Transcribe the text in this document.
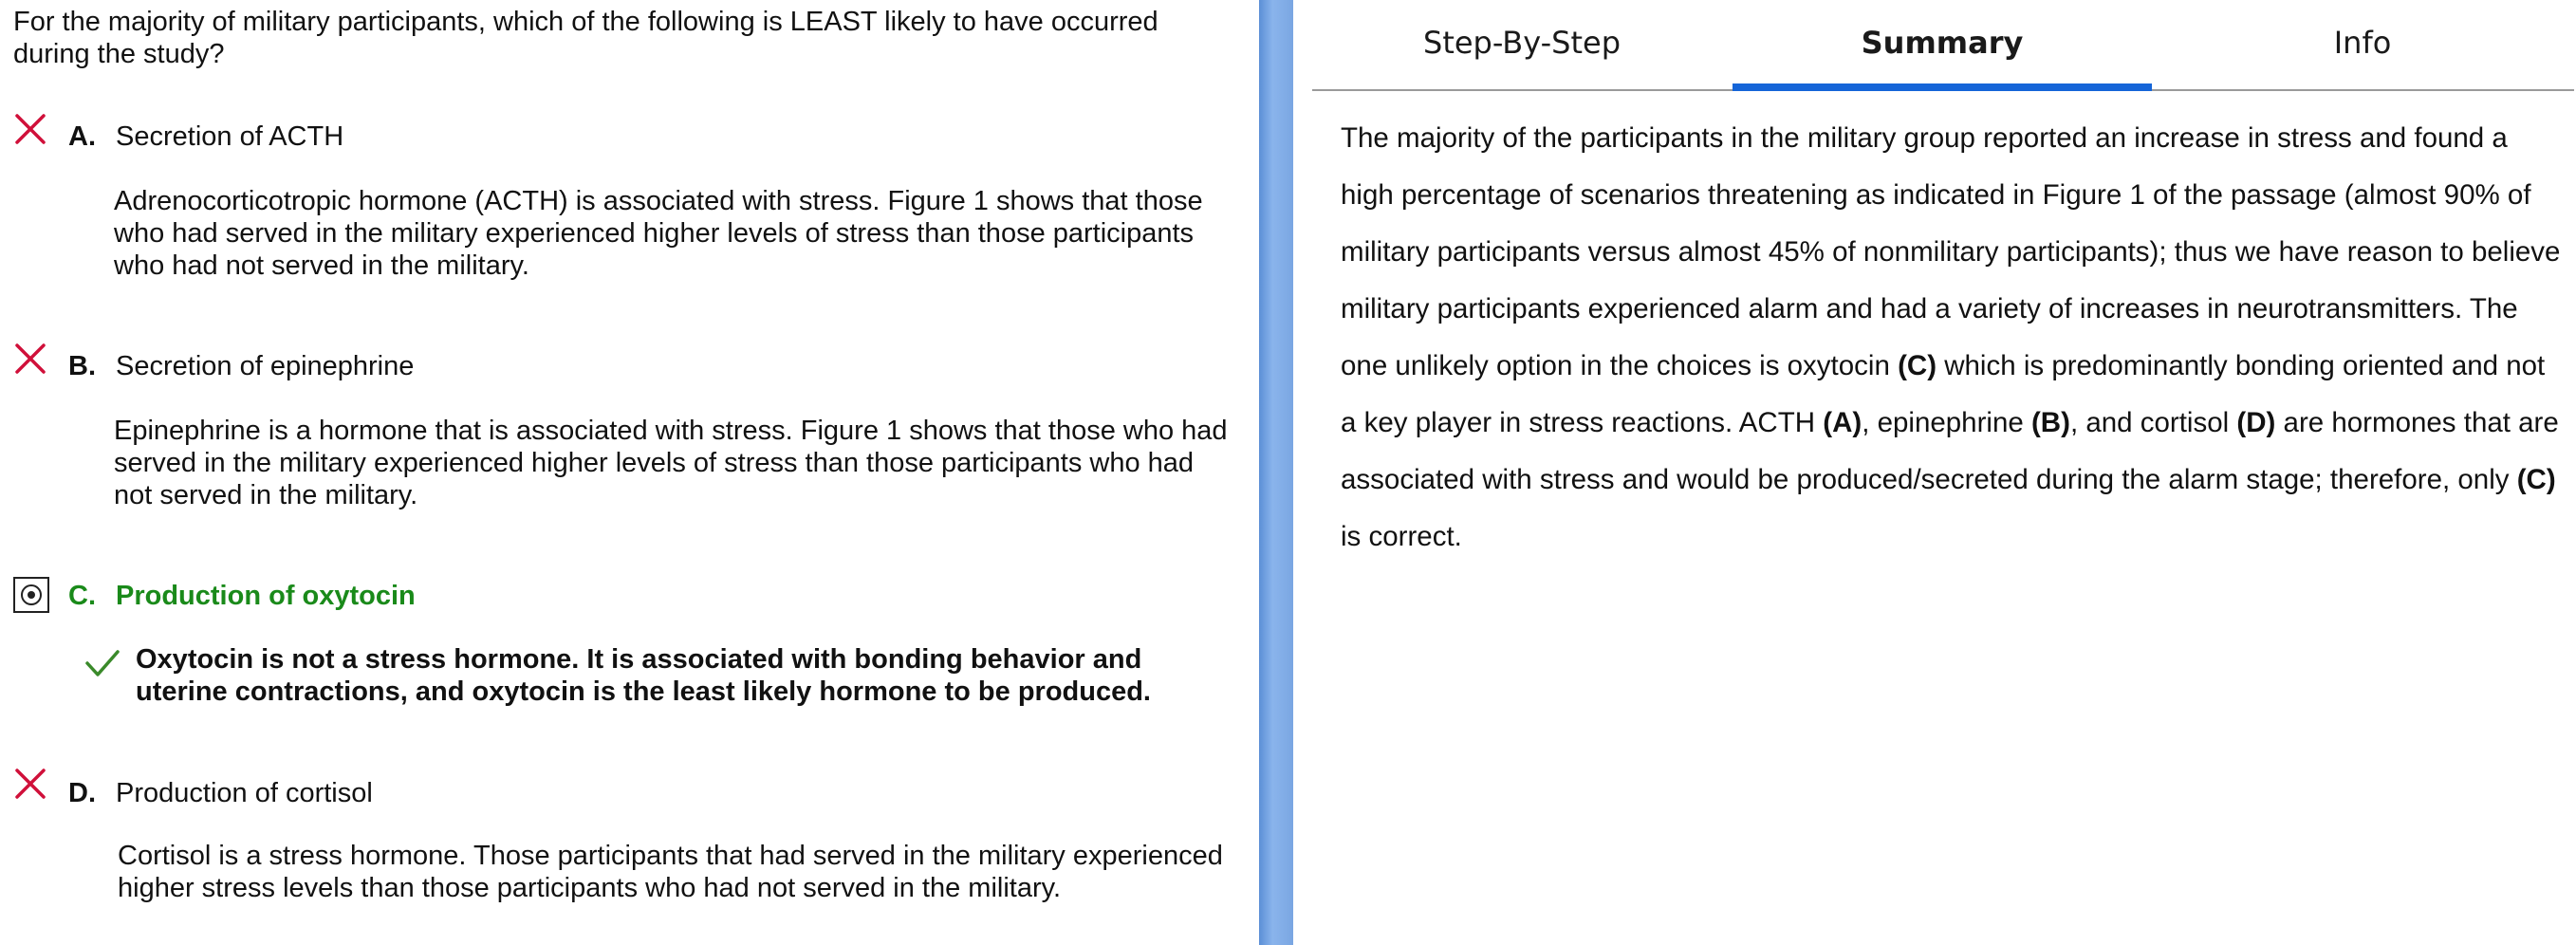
For the majority of military participants, which of the following is LEAST likely to have occurred during the study?
A. Secretion of ACTH
Adrenocorticotropic hormone (ACTH) is associated with stress. Figure 1 shows that those who had served in the military experienced higher levels of stress than those participants who had not served in the military.
B. Secretion of epinephrine
Epinephrine is a hormone that is associated with stress. Figure 1 shows that those who had served in the military experienced higher levels of stress than those participants who had not served in the military.
C. Production of oxytocin
Oxytocin is not a stress hormone. It is associated with bonding behavior and uterine contractions, and oxytocin is the least likely hormone to be produced.
D. Production of cortisol
Cortisol is a stress hormone. Those participants that had served in the military experienced higher stress levels than those participants who had not served in the military.
Step-By-Step	Summary	Info
The majority of the participants in the military group reported an increase in stress and found a high percentage of scenarios threatening as indicated in Figure 1 of the passage (almost 90% of military participants versus almost 45% of nonmilitary participants); thus we have reason to believe military participants experienced alarm and had a variety of increases in neurotransmitters. The one unlikely option in the choices is oxytocin (C) which is predominantly bonding oriented and not a key player in stress reactions. ACTH (A), epinephrine (B), and cortisol (D) are hormones that are associated with stress and would be produced/secreted during the alarm stage; therefore, only (C) is correct.
